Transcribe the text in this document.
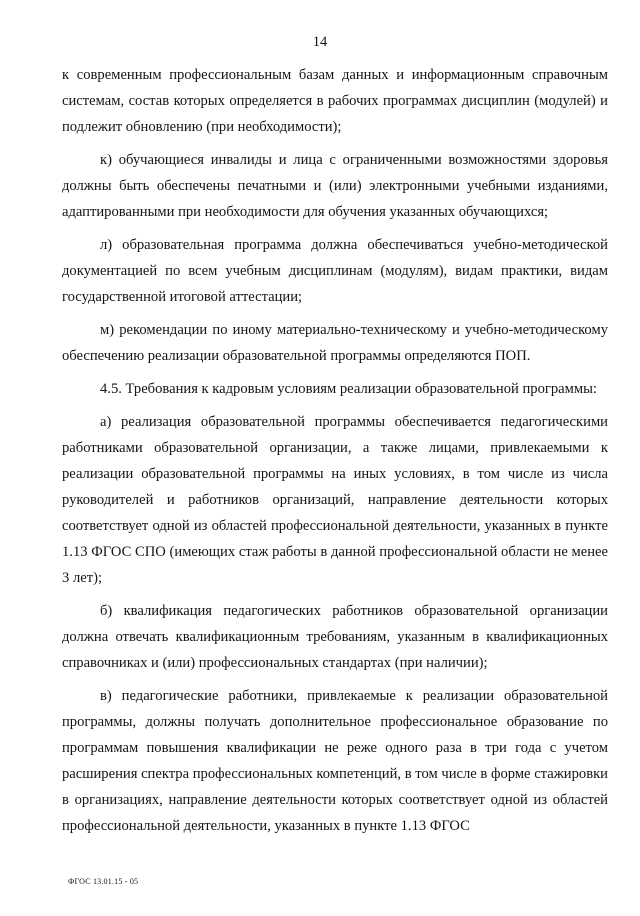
14

к современным профессиональным базам данных и информационным справочным системам, состав которых определяется в рабочих программах дисциплин (модулей) и подлежит обновлению (при необходимости);

к) обучающиеся инвалиды и лица с ограниченными возможностями здоровья должны быть обеспечены печатными и (или) электронными учебными изданиями, адаптированными при необходимости для обучения указанных обучающихся;

л) образовательная программа должна обеспечиваться учебно-методической документацией по всем учебным дисциплинам (модулям), видам практики, видам государственной итоговой аттестации;

м) рекомендации по иному материально-техническому и учебно-методическому обеспечению реализации образовательной программы определяются ПОП.

4.5. Требования к кадровым условиям реализации образовательной программы:

а) реализация образовательной программы обеспечивается педагогическими работниками образовательной организации, а также лицами, привлекаемыми к реализации образовательной программы на иных условиях, в том числе из числа руководителей и работников организаций, направление деятельности которых соответствует одной из областей профессиональной деятельности, указанных в пункте 1.13 ФГОС СПО (имеющих стаж работы в данной профессиональной области не менее 3 лет);

б) квалификация педагогических работников образовательной организации должна отвечать квалификационным требованиям, указанным в квалификационных справочниках и (или) профессиональных стандартах (при наличии);

в) педагогические работники, привлекаемые к реализации образовательной программы, должны получать дополнительное профессиональное образование по программам повышения квалификации не реже одного раза в три года с учетом расширения спектра профессиональных компетенций, в том числе в форме стажировки в организациях, направление деятельности которых соответствует одной из областей профессиональной деятельности, указанных в пункте 1.13 ФГОС

ФГОС 13.01.15 - 05
